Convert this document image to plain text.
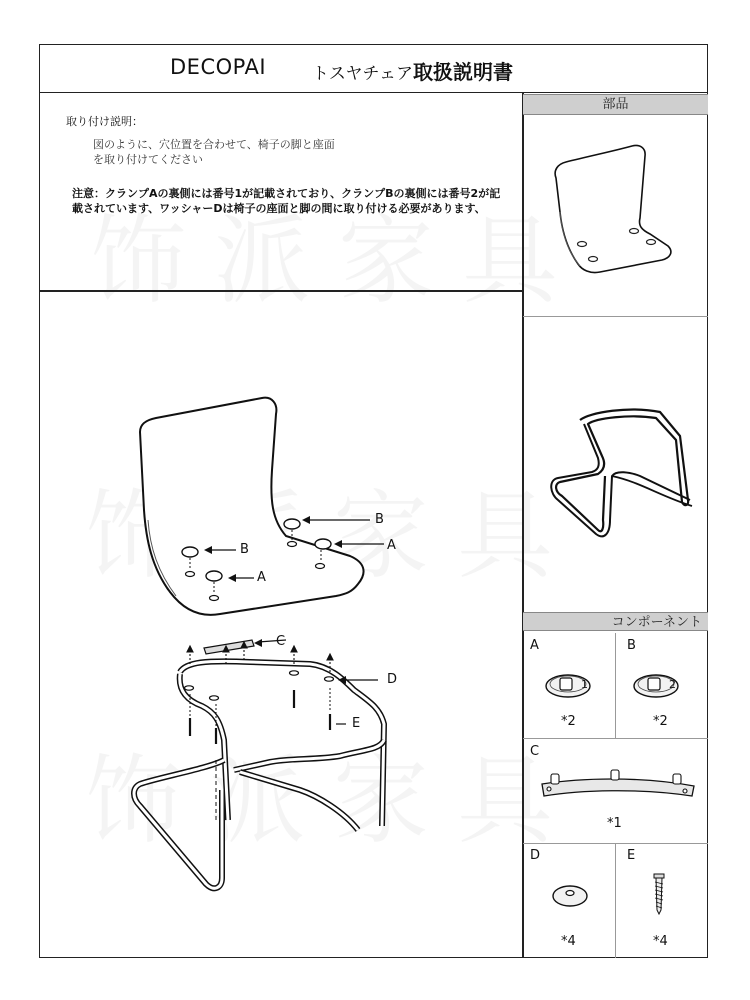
DECOPAI	トスヤチェア取扱説明書
部品
コンポーネント
取り付け説明：
図のように、穴位置を合わせて、椅子の脚と座面を取り付けてください
注意：クランプAの裏側には番号1が記載されており、クランプBの裏側には番号2が記載されています、ワッシャーDは椅子の座面と脚の間に取り付ける必要があります、
B
A
B
A
C
D
E
A	B
C
D	E
1	2
*2	*2
*1
*4	*4
